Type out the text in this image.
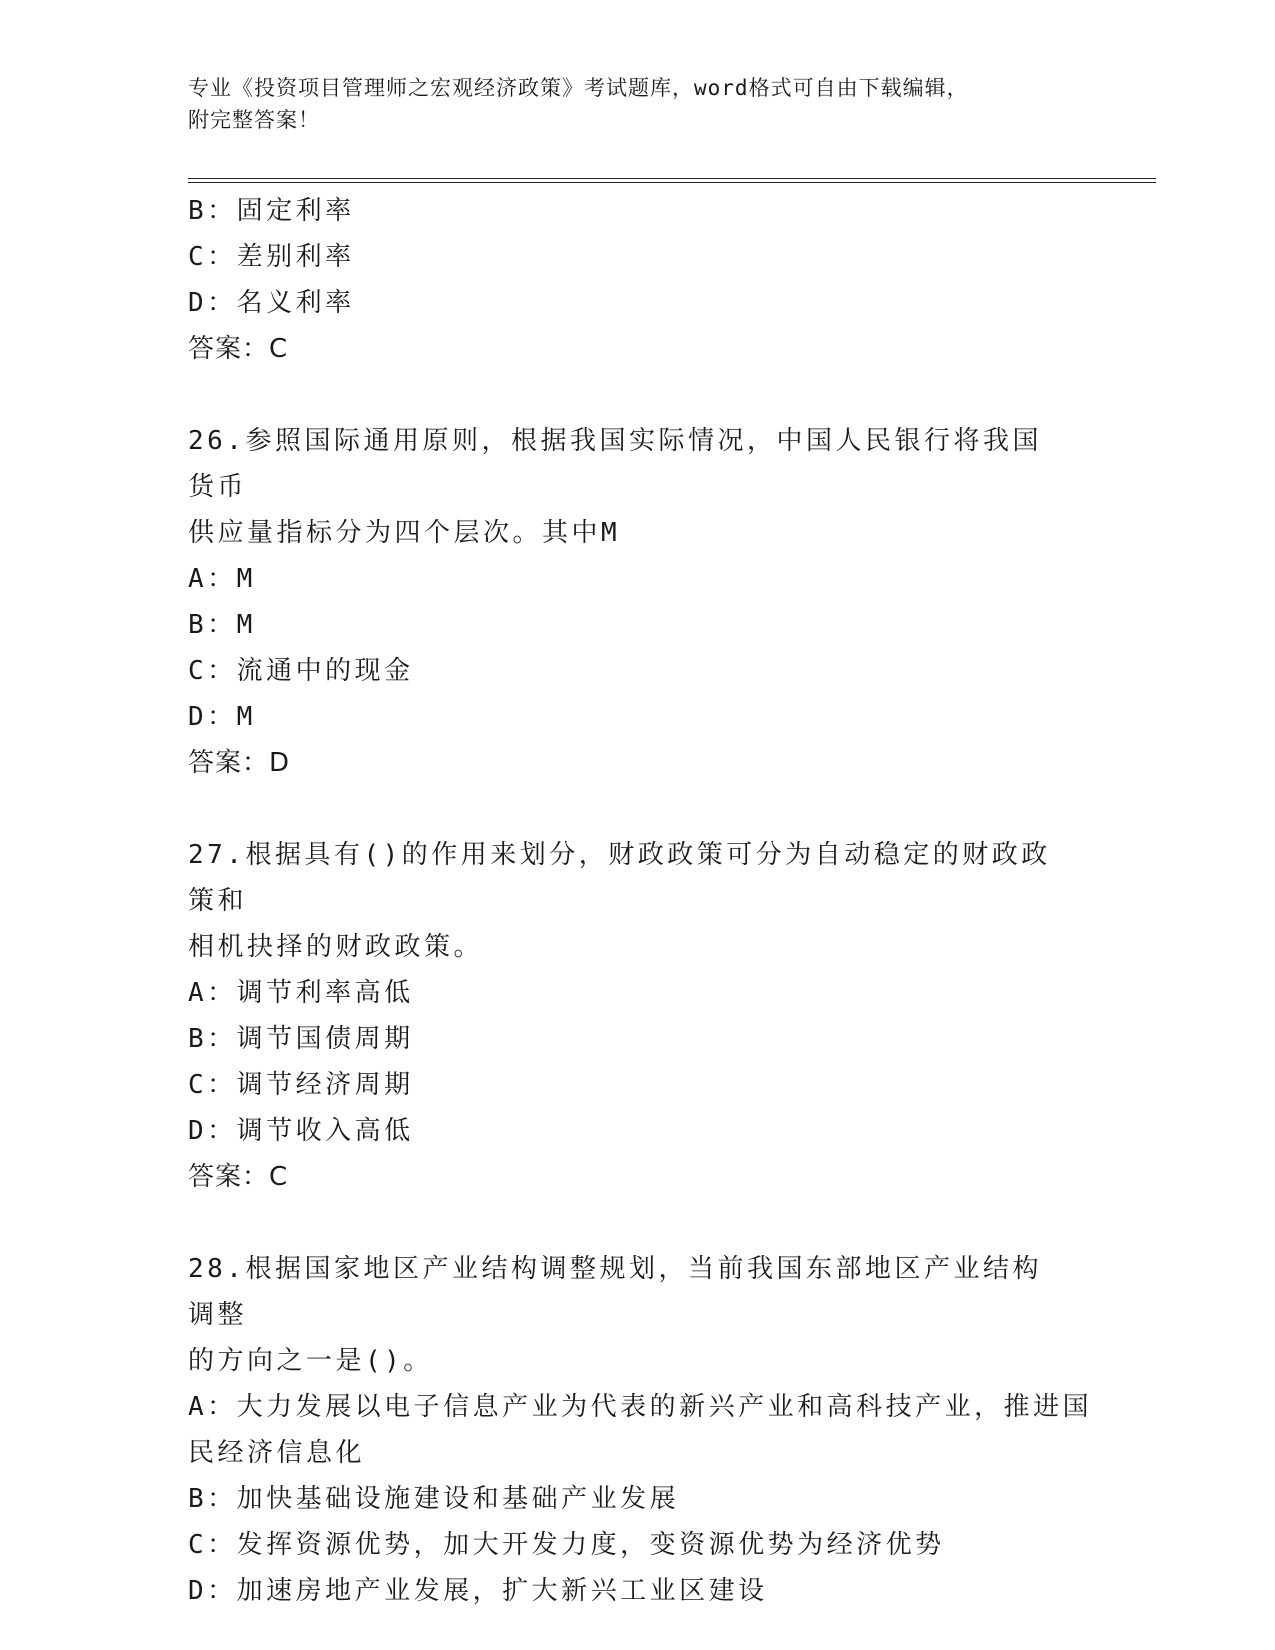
专业《投资项目管理师之宏观经济政策》考试题库，word格式可自由下载编辑，
附完整答案！
B：固定利率
C：差别利率
D：名义利率
答案：C
26.参照国际通用原则，根据我国实际情况，中国人民银行将我国货币
供应量指标分为四个层次。其中M
A：M
B：M
C：流通中的现金
D：M
答案：D
27.根据具有()的作用来划分，财政政策可分为自动稳定的财政政策和
相机抉择的财政政策。
A：调节利率高低
B：调节国债周期
C：调节经济周期
D：调节收入高低
答案：C
28.根据国家地区产业结构调整规划，当前我国东部地区产业结构调整
的方向之一是()。
A：大力发展以电子信息产业为代表的新兴产业和高科技产业，推进国
民经济信息化
B：加快基础设施建设和基础产业发展
C：发挥资源优势，加大开发力度，变资源优势为经济优势
D：加速房地产业发展，扩大新兴工业区建设
